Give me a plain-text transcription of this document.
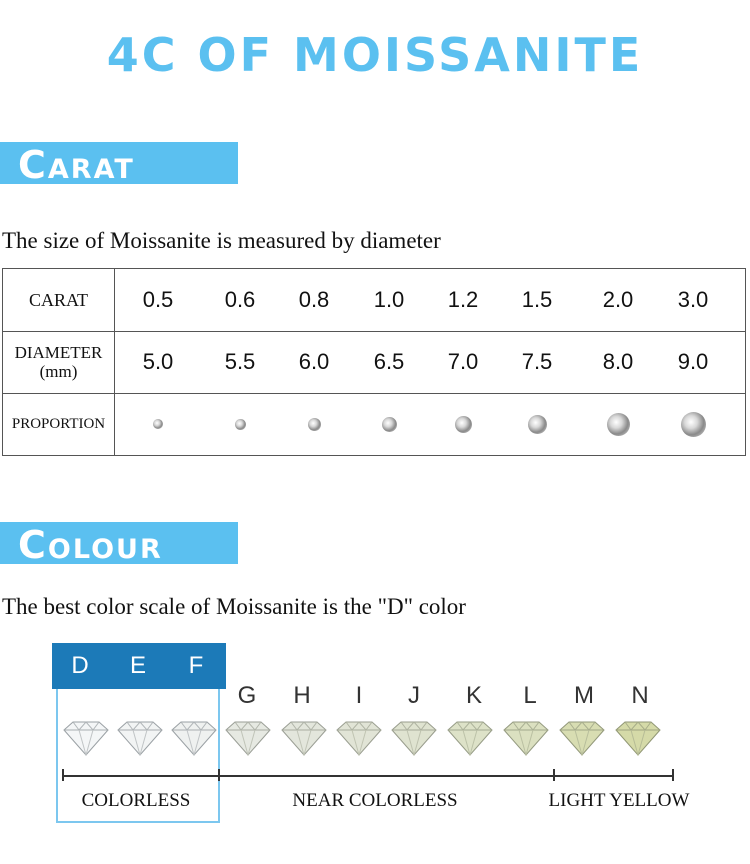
4C OF MOISSANITE
Carat
The size of Moissanite is measured by diameter
CARAT	0.5	0.6	0.8	1.0	1.2	1.5	2.0	3.0
DIAMETER
(mm)	5.0	5.5	6.0	6.5	7.0	7.5	8.0	9.0
PROPORTION
Colour
The best color scale of Moissanite is the "D" color
D	E	F
G	H	I	J	K	L	M	N
COLORLESS	NEAR COLORLESS	LIGHT YELLOW
